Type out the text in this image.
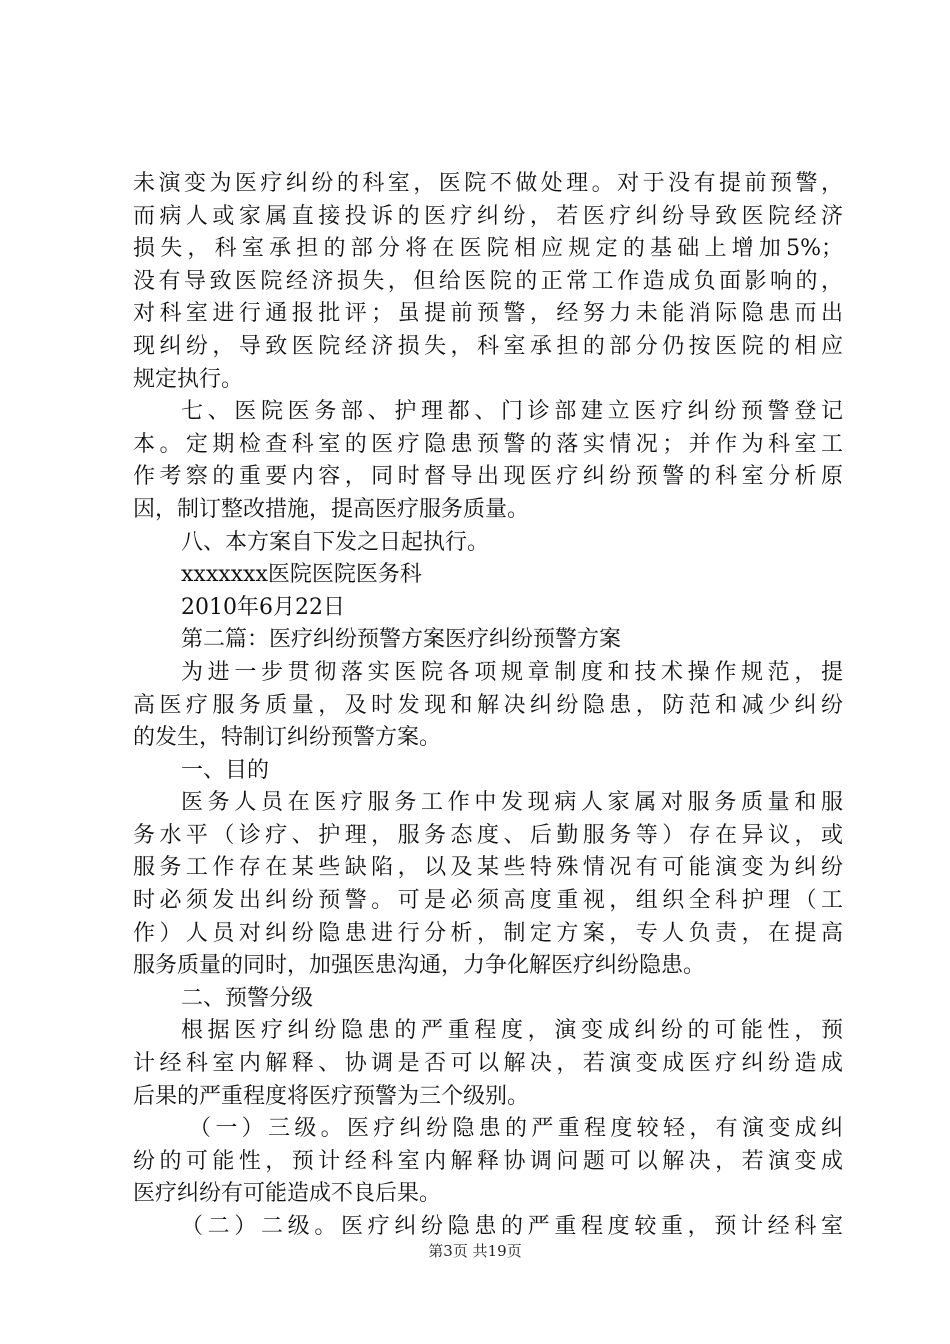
未演变为医疗纠纷的科室，医院不做处理。对于没有提前预警，
而病人或家属直接投诉的医疗纠纷，若医疗纠纷导致医院经济
损失，科室承担的部分将在医院相应规定的基础上增加5%；
没有导致医院经济损失，但给医院的正常工作造成负面影响的，
对科室进行通报批评；虽提前预警，经努力未能消际隐患而出
现纠纷，导致医院经济损失，科室承担的部分仍按医院的相应
规定执行。
七、医院医务部、护理都、门诊部建立医疗纠纷预警登记
本。定期检查科室的医疗隐患预警的落实情况；并作为科室工
作考察的重要内容，同时督导出现医疗纠纷预警的科室分析原
因，制订整改措施，提高医疗服务质量。
八、本方案自下发之日起执行。
xxxxxxx医院医院医务科
2010年6月22日
第二篇：医疗纠纷预警方案医疗纠纷预警方案
为进一步贯彻落实医院各项规章制度和技术操作规范，提
高医疗服务质量，及时发现和解决纠纷隐患，防范和减少纠纷
的发生，特制订纠纷预警方案。
一、目的
医务人员在医疗服务工作中发现病人家属对服务质量和服
务水平（诊疗、护理，服务态度、后勤服务等）存在异议，或
服务工作存在某些缺陷，以及某些特殊情况有可能演变为纠纷
时必须发出纠纷预警。可是必须高度重视，组织全科护理（工
作）人员对纠纷隐患进行分析，制定方案，专人负责，在提高
服务质量的同时，加强医患沟通，力争化解医疗纠纷隐患。
二、预警分级
根据医疗纠纷隐患的严重程度，演变成纠纷的可能性，预
计经科室内解释、协调是否可以解决，若演变成医疗纠纷造成
后果的严重程度将医疗预警为三个级别。
（一）三级。医疗纠纷隐患的严重程度较轻，有演变成纠
纷的可能性，预计经科室内解释协调问题可以解决，若演变成
医疗纠纷有可能造成不良后果。
（二）二级。医疗纠纷隐患的严重程度较重，预计经科室
第3页 共19页
